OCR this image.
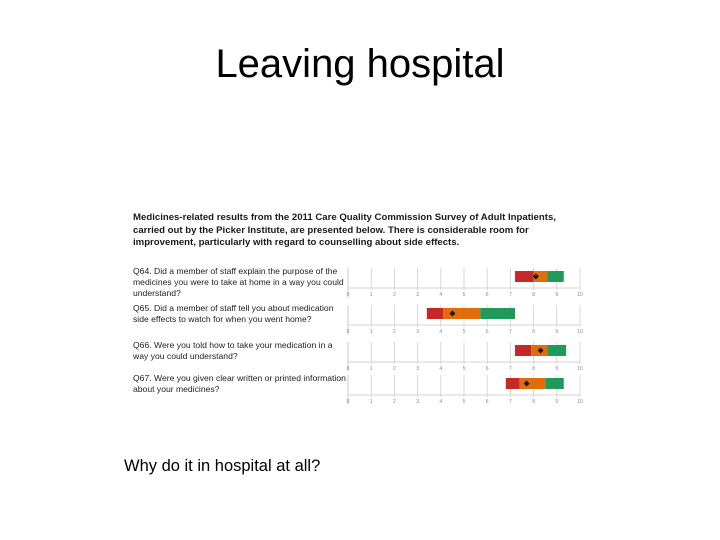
Leaving hospital
Medicines-related results from the 2011 Care Quality Commission Survey of Adult Inpatients, carried out by the Picker Institute, are presented below. There is considerable room for improvement, particularly with regard to counselling about side effects.
Q64. Did a member of staff explain the purpose of the medicines you were to take at home in a way you could understand?
Q65. Did a member of staff tell you about medication side effects to watch for when you went home?
Q66. Were you told how to take your medication in a way you could understand?
Q67. Were you given clear written or printed information about your medicines?
0	1	2	3	4	5	6	7	8	9	10
0	1	2	3	4	5	6	7	8	9	10
0	1	2	3	4	5	6	7	8	9	10
0	1	2	3	4	5	6	7	8	9	10
Why do it in hospital at all?
